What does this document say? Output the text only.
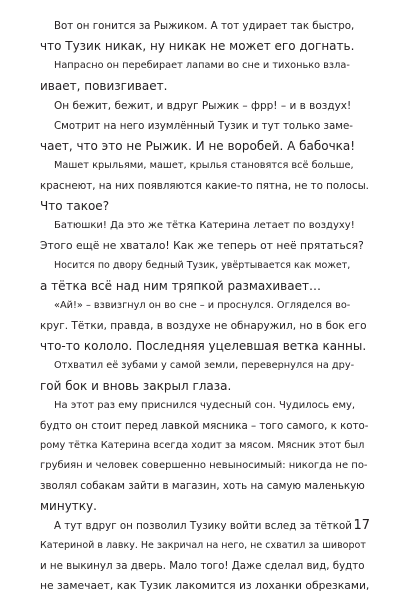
Вот он гонится за Рыжиком. А тот удирает так быстро,
что Тузик никак, ну никак не может его догнать.

Напрасно он перебирает лапами во сне и тихонько взла-
ивает, повизгивает.

Он бежит, бежит, и вдруг Рыжик – фрр! – и в воздух!

Смотрит на него изумлённый Тузик и тут только заме-
чает, что это не Рыжик. И не воробей. А бабочка!

Машет крыльями, машет, крылья становятся всё больше,
краснеют, на них появляются какие-то пятна, не то полосы.
Что такое?

Батюшки! Да это же тётка Катерина летает по воздуху!
Этого ещё не хватало! Как же теперь от неё прятаться?

Носится по двору бедный Тузик, увёртывается как может,
а тётка всё над ним тряпкой размахивает…

«Ай!» – взвизгнул он во сне – и проснулся. Огляделся во-
круг. Тётки, правда, в воздухе не обнаружил, но в бок его
что-то кололо. Последняя уцелевшая ветка канны.

Отхватил её зубами у самой земли, перевернулся на дру-
гой бок и вновь закрыл глаза.

На этот раз ему приснился чудесный сон. Чудилось ему,
будто он стоит перед лавкой мясника – того самого, к кото-
рому тётка Катерина всегда ходит за мясом. Мясник этот был
грубиян и человек совершенно невыносимый: никогда не по-
зволял собакам зайти в магазин, хоть на самую маленькую
минутку.

А тут вдруг он позволил Тузику войти вслед за тёткой
Катериной в лавку. Не закричал на него, не схватил за шиворот
и не выкинул за дверь. Мало того! Даже сделал вид, будто
не замечает, как Тузик лакомится из лоханки обрезками,

17
